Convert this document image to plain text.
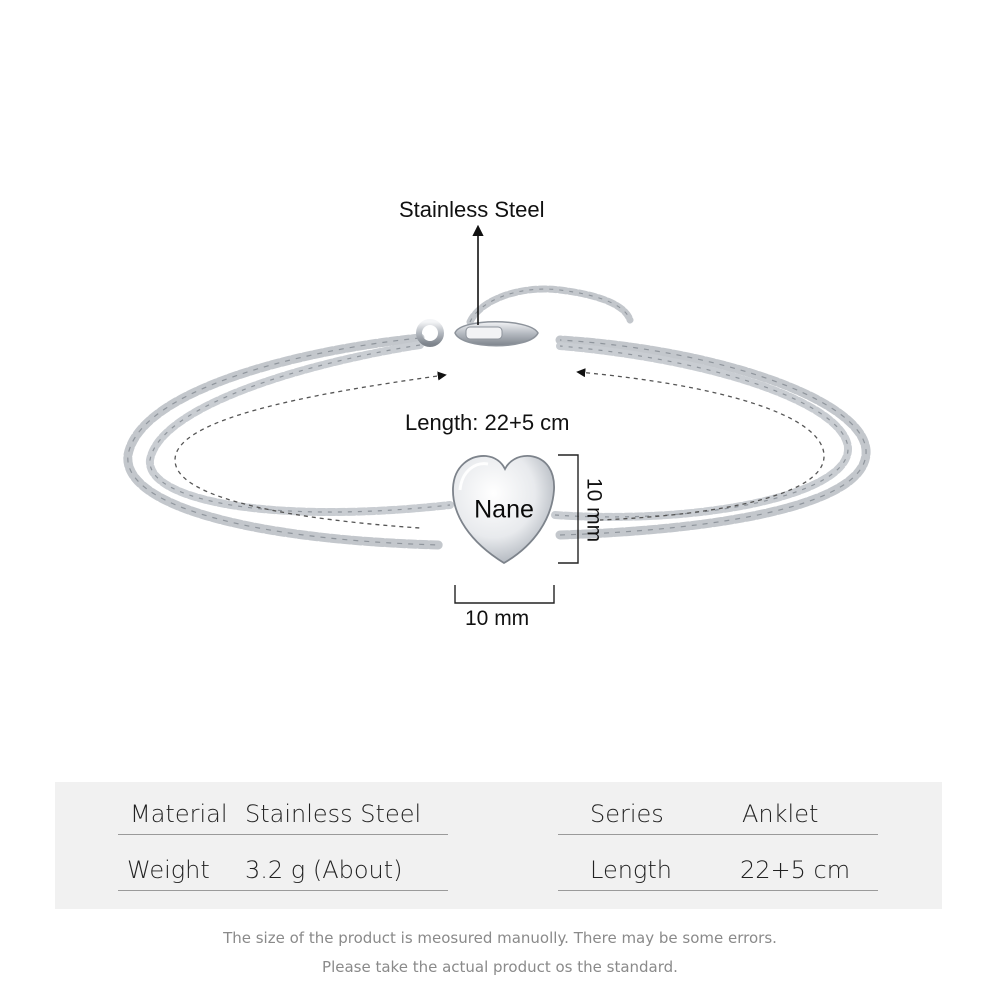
Stainless Steel
Length: 22+5 cm
10 mm
10 mm
Nane
Material Stainless Steel
Weight 3.2 g (About)
Series	Anklet
Length	22+5 cm
The size of the product is meosured manuolly. There may be some errors.
Please take the actual product os the standard.
